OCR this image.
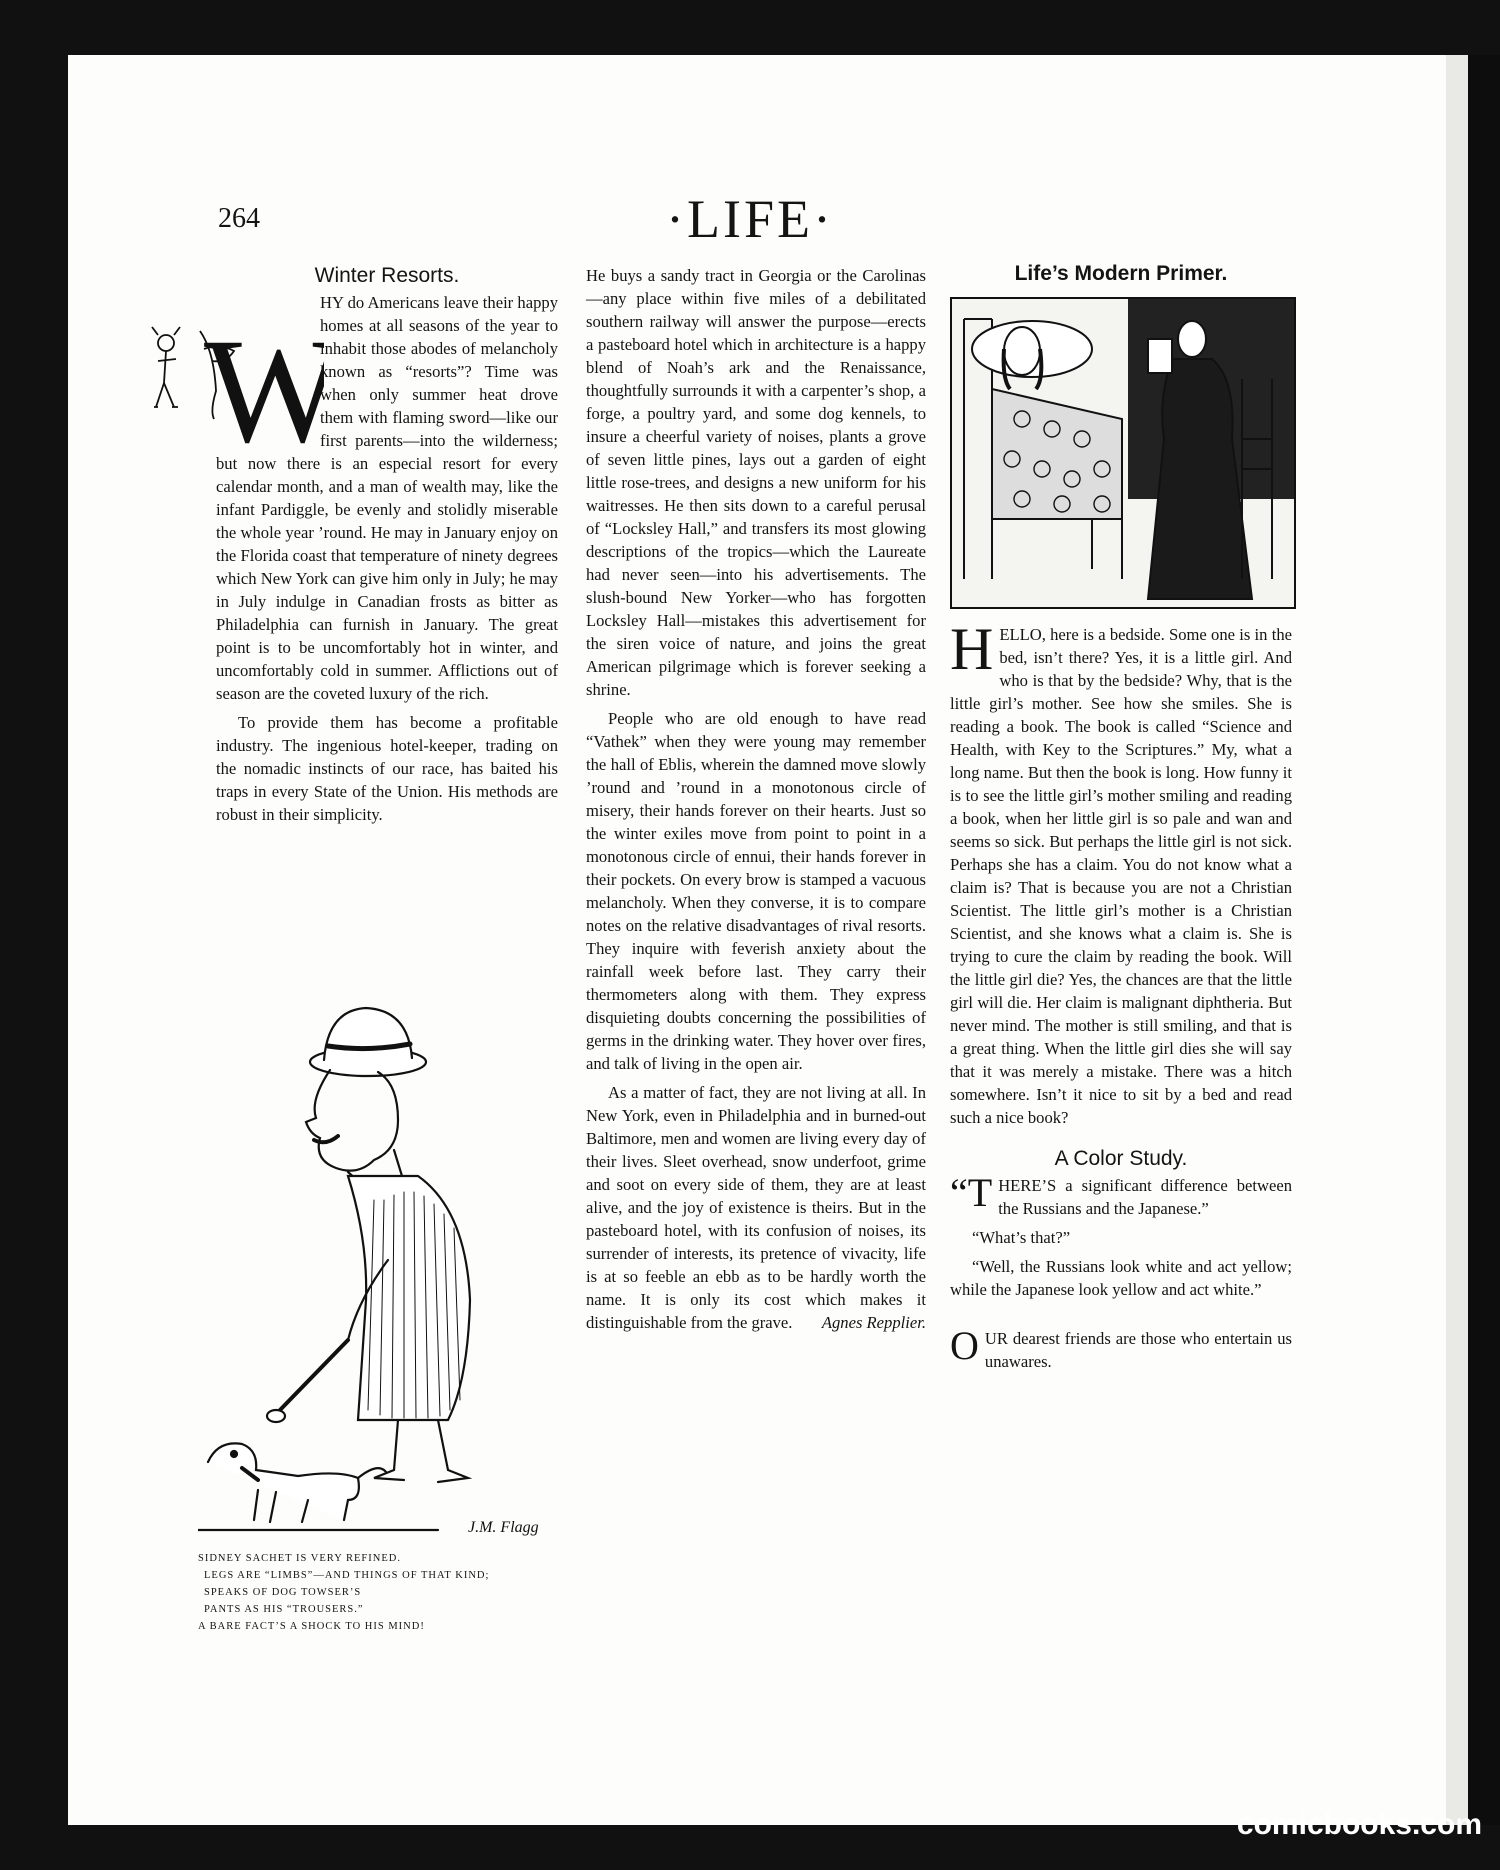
264	·LIFE·
Winter Resorts.
W

HY do Americans leave their happy homes at all seasons of the year to inhabit those abodes of melancholy known as “resorts”? Time was when only summer heat drove them with flaming sword—like our first parents—into the wilderness; but now there is an especial resort for every calendar month, and a man of wealth may, like the infant Pardiggle, be evenly and stolidly miserable the whole year ’round. He may in January enjoy on the Florida coast that temperature of ninety degrees which New York can give him only in July; he may in July indulge in Canadian frosts as bitter as Philadelphia can furnish in January. The great point is to be uncomfortably hot in winter, and uncomfortably cold in summer. Afflictions out of season are the coveted luxury of the rich.

To provide them has become a profitable industry. The ingenious hotel-keeper, trading on the nomadic instincts of our race, has baited his traps in every State of the Union. His methods are robust in their simplicity.

J.M. Flagg
SIDNEY SACHET IS VERY REFINED.
LEGS ARE “LIMBS”—AND THINGS OF THAT KIND;
SPEAKS OF DOG TOWSER’S
PANTS AS HIS “TROUSERS.”
A BARE FACT’S A SHOCK TO HIS MIND!

He buys a sandy tract in Georgia or the Carolinas—any place within five miles of a debilitated southern railway will answer the purpose—erects a pasteboard hotel which in architecture is a happy blend of Noah’s ark and the Renaissance, thoughtfully surrounds it with a carpenter’s shop, a forge, a poultry yard, and some dog kennels, to insure a cheerful variety of noises, plants a grove of seven little pines, lays out a garden of eight little rose-trees, and designs a new uniform for his waitresses. He then sits down to a careful perusal of “Locksley Hall,” and transfers its most glowing descriptions of the tropics—which the Laureate had never seen—into his advertisements. The slush-bound New Yorker—who has forgotten Locksley Hall—mistakes this advertisement for the siren voice of nature, and joins the great American pilgrimage which is forever seeking a shrine.

People who are old enough to have read “Vathek” when they were young may remember the hall of Eblis, wherein the damned move slowly ’round and ’round in a monotonous circle of misery, their hands forever on their hearts. Just so the winter exiles move from point to point in a monotonous circle of ennui, their hands forever in their pockets. On every brow is stamped a vacuous melancholy. When they converse, it is to compare notes on the relative disadvantages of rival resorts. They inquire with feverish anxiety about the rainfall week before last. They carry their thermometers along with them. They express disquieting doubts concerning the possibilities of germs in the drinking water. They hover over fires, and talk of living in the open air.

As a matter of fact, they are not living at all. In New York, even in Philadelphia and in burned-out Baltimore, men and women are living every day of their lives. Sleet overhead, snow underfoot, grime and soot on every side of them, they are at least alive, and the joy of existence is theirs. But in the pasteboard hotel, with its confusion of noises, its surrender of interests, its pretence of vivacity, life is at so feeble an ebb as to be hardly worth the name. It is only its cost which makes it distinguishable from the grave.	Agnes Repplier.

Life’s Modern Primer.

HELLO, here is a bedside. Some one is in the bed, isn’t there? Yes, it is a little girl. And who is that by the bedside? Why, that is the little girl’s mother. See how she smiles. She is reading a book. The book is called “Science and Health, with Key to the Scriptures.” My, what a long name. But then the book is long. How funny it is to see the little girl’s mother smiling and reading a book, when her little girl is so pale and wan and seems so sick. But perhaps the little girl is not sick. Perhaps she has a claim. You do not know what a claim is? That is because you are not a Christian Scientist. The little girl’s mother is a Christian Scientist, and she knows what a claim is. She is trying to cure the claim by reading the book. Will the little girl die? Yes, the chances are that the little girl will die. Her claim is malignant diphtheria. But never mind. The mother is still smiling, and that is a great thing. When the little girl dies she will say that it was merely a mistake. There was a hitch somewhere. Isn’t it nice to sit by a bed and read such a nice book?

A Color Study.

“THERE’S a significant difference between the Russians and the Japanese.”

“What’s that?”

“Well, the Russians look white and act yellow; while the Japanese look yellow and act white.”

OUR dearest friends are those who entertain us unawares.

comicbooks.com
